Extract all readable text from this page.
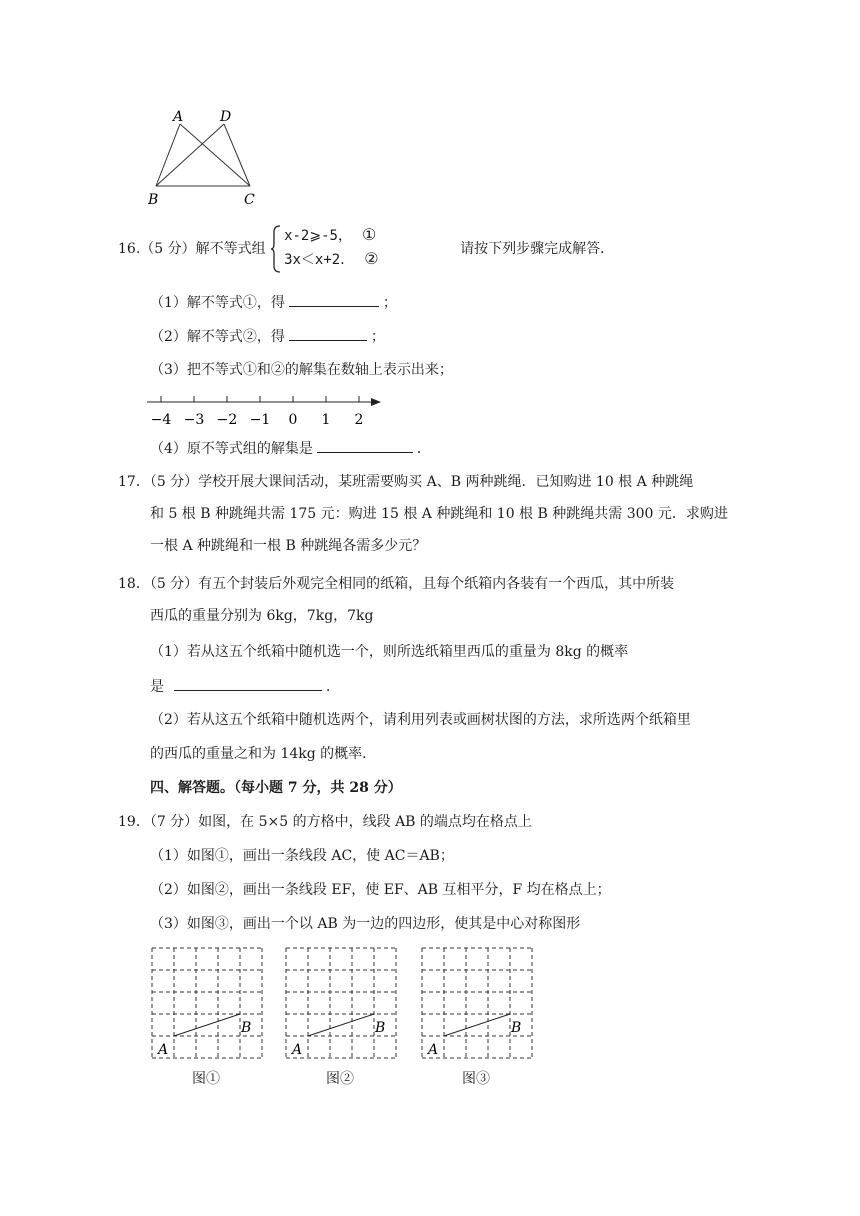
A	D
B	C
16.（5 分）解不等式组
x-2⩾-5， ①
3x＜x+2． ②	请按下列步骤完成解答．
（1）解不等式①，得	；
（2）解不等式②，得	；
（3）把不等式①和②的解集在数轴上表示出来；
−4 −3 −2 −1 0 1 2
（4）原不等式组的解集是	．
17．（5 分）学校开展大课间活动，某班需要购买 A、B 两种跳绳．已知购进 10 根 A 种跳绳
和 5 根 B 种跳绳共需 175 元：购进 15 根 A 种跳绳和 10 根 B 种跳绳共需 300 元．求购进
一根 A 种跳绳和一根 B 种跳绳各需多少元？
18．（5 分）有五个封装后外观完全相同的纸箱，且每个纸箱内各装有一个西瓜，其中所装
西瓜的重量分别为 6kg，7kg，7kg
（1）若从这五个纸箱中随机选一个，则所选纸箱里西瓜的重量为 8kg 的概率
是	．
（2）若从这五个纸箱中随机选两个，请利用列表或画树状图的方法，求所选两个纸箱里
的西瓜的重量之和为 14kg 的概率．
四、解答题。（每小题 7 分，共 28 分）
19．（7 分）如图，在 5×5 的方格中，线段 AB 的端点均在格点上
（1）如图①，画出一条线段 AC，使 AC＝AB；
（2）如图②，画出一条线段 EF，使 EF、AB 互相平分，F 均在格点上；
（3）如图③，画出一个以 AB 为一边的四边形，使其是中心对称图形
A
B
图①
A
B
图②
A
B
图③
